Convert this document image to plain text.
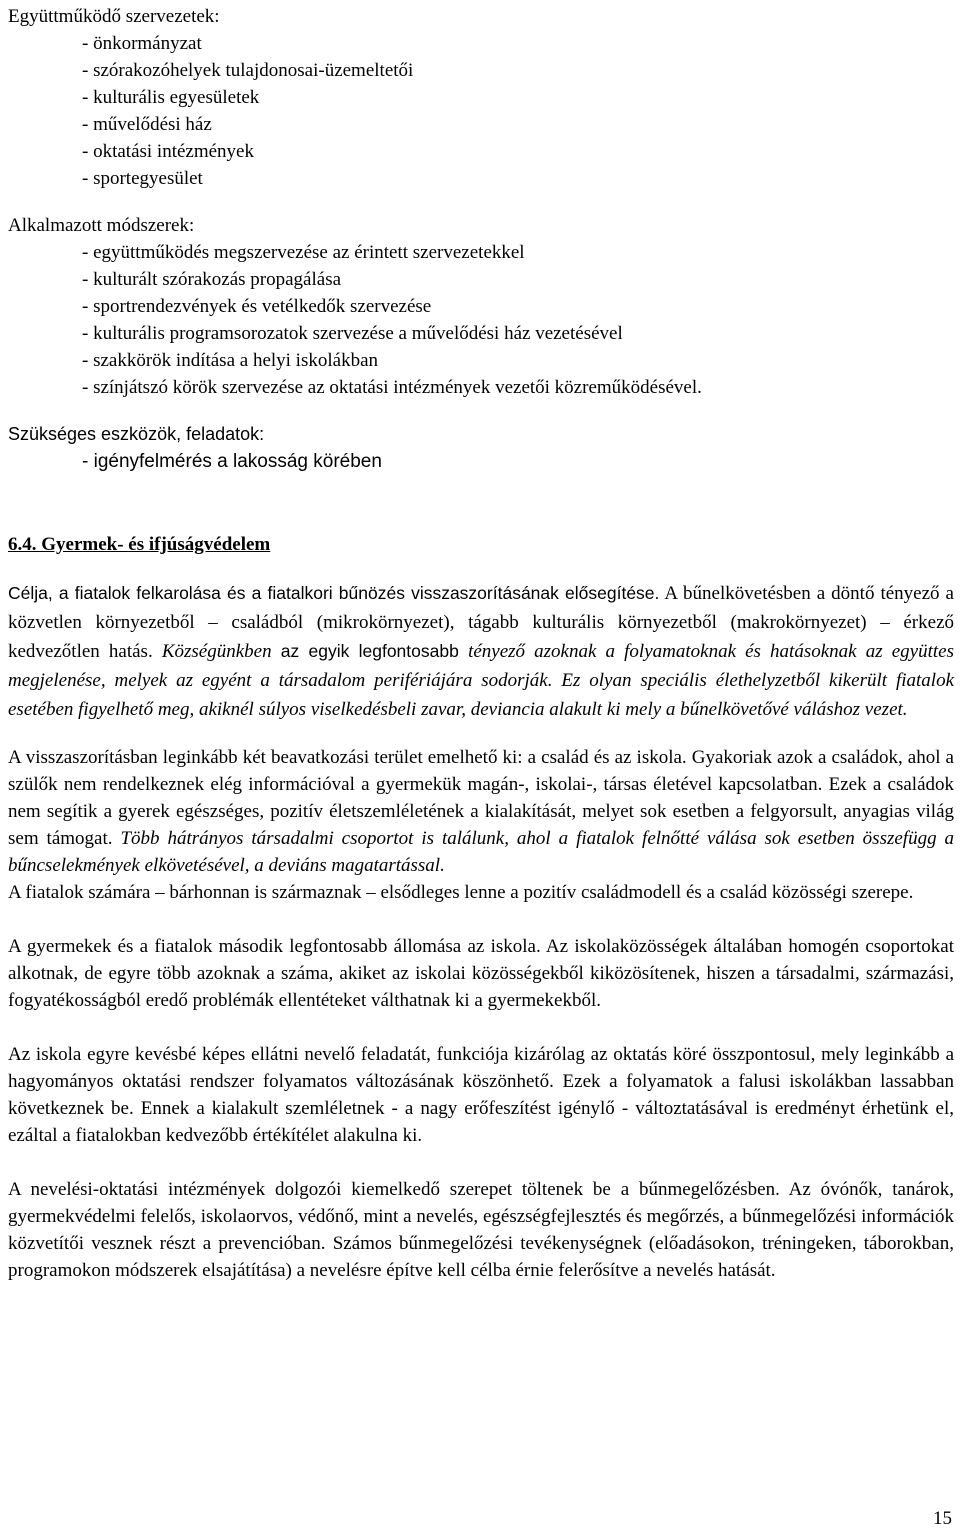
Együttműködő szervezetek:
- önkormányzat
- szórakozóhelyek tulajdonosai-üzemeltetői
- kulturális egyesületek
- művelődési ház
- oktatási intézmények
- sportegyesület
Alkalmazott módszerek:
- együttműködés megszervezése az érintett szervezetekkel
- kulturált szórakozás propagálása
- sportrendezvények és vetélkedők szervezése
- kulturális programsorozatok szervezése a művelődési ház vezetésével
- szakkörök indítása a helyi iskolákban
- színjátszó körök szervezése az oktatási intézmények vezetői közreműködésével.
Szükséges eszközök, feladatok:
- igényfelmérés a lakosság körében
6.4. Gyermek- és ifjúságvédelem

Célja, a fiatalok felkarolása és a fiatalkori bűnözés visszaszorításának elősegítése. A bűnelkövetésben a döntő tényező a közvetlen környezetből – családból (mikrokörnyezet), tágabb kulturális környezetből (makrokörnyezet) – érkező kedvezőtlen hatás. Községünkben az egyik legfontosabb tényező azoknak a folyamatoknak és hatásoknak az együttes megjelenése, melyek az egyént a társadalom perifériájára sodorják. Ez olyan speciális élethelyzetből kikerült fiatalok esetében figyelhető meg, akiknél súlyos viselkedésbeli zavar, deviancia alakult ki mely a bűnelkövetővé váláshoz vezet.

A visszaszorításban leginkább két beavatkozási terület emelhető ki: a család és az iskola. Gyakoriak azok a családok, ahol a szülők nem rendelkeznek elég információval a gyermekük magán-, iskolai-, társas életével kapcsolatban. Ezek a családok nem segítik a gyerek egészséges, pozitív életszemléletének a kialakítását, melyet sok esetben a felgyorsult, anyagias világ sem támogat. Több hátrányos társadalmi csoportot is találunk, ahol a fiatalok felnőtté válása sok esetben összefügg a bűncselekmények elkövetésével, a deviáns magatartással.

A fiatalok számára – bárhonnan is származnak – elsődleges lenne a pozitív családmodell és a család közösségi szerepe.

A gyermekek és a fiatalok második legfontosabb állomása az iskola. Az iskolaközösségek általában homogén csoportokat alkotnak, de egyre több azoknak a száma, akiket az iskolai közösségekből kiközösítenek, hiszen a társadalmi, származási, fogyatékosságból eredő problémák ellentéteket válthatnak ki a gyermekekből.

Az iskola egyre kevésbé képes ellátni nevelő feladatát, funkciója kizárólag az oktatás köré összpontosul, mely leginkább a hagyományos oktatási rendszer folyamatos változásának köszönhető. Ezek a folyamatok a falusi iskolákban lassabban következnek be. Ennek a kialakult szemléletnek - a nagy erőfeszítést igénylő - változtatásával is eredményt érhetünk el, ezáltal a fiatalokban kedvezőbb értékítélet alakulna ki.

A nevelési-oktatási intézmények dolgozói kiemelkedő szerepet töltenek be a bűnmegelőzésben. Az óvónők, tanárok, gyermekvédelmi felelős, iskolaorvos, védőnő, mint a nevelés, egészségfejlesztés és megőrzés, a bűnmegelőzési információk közvetítői vesznek részt a prevencióban. Számos bűnmegelőzési tevékenységnek (előadásokon, tréningeken, táborokban, programokon módszerek elsajátítása) a nevelésre építve kell célba érnie felerősítve a nevelés hatását.

15
